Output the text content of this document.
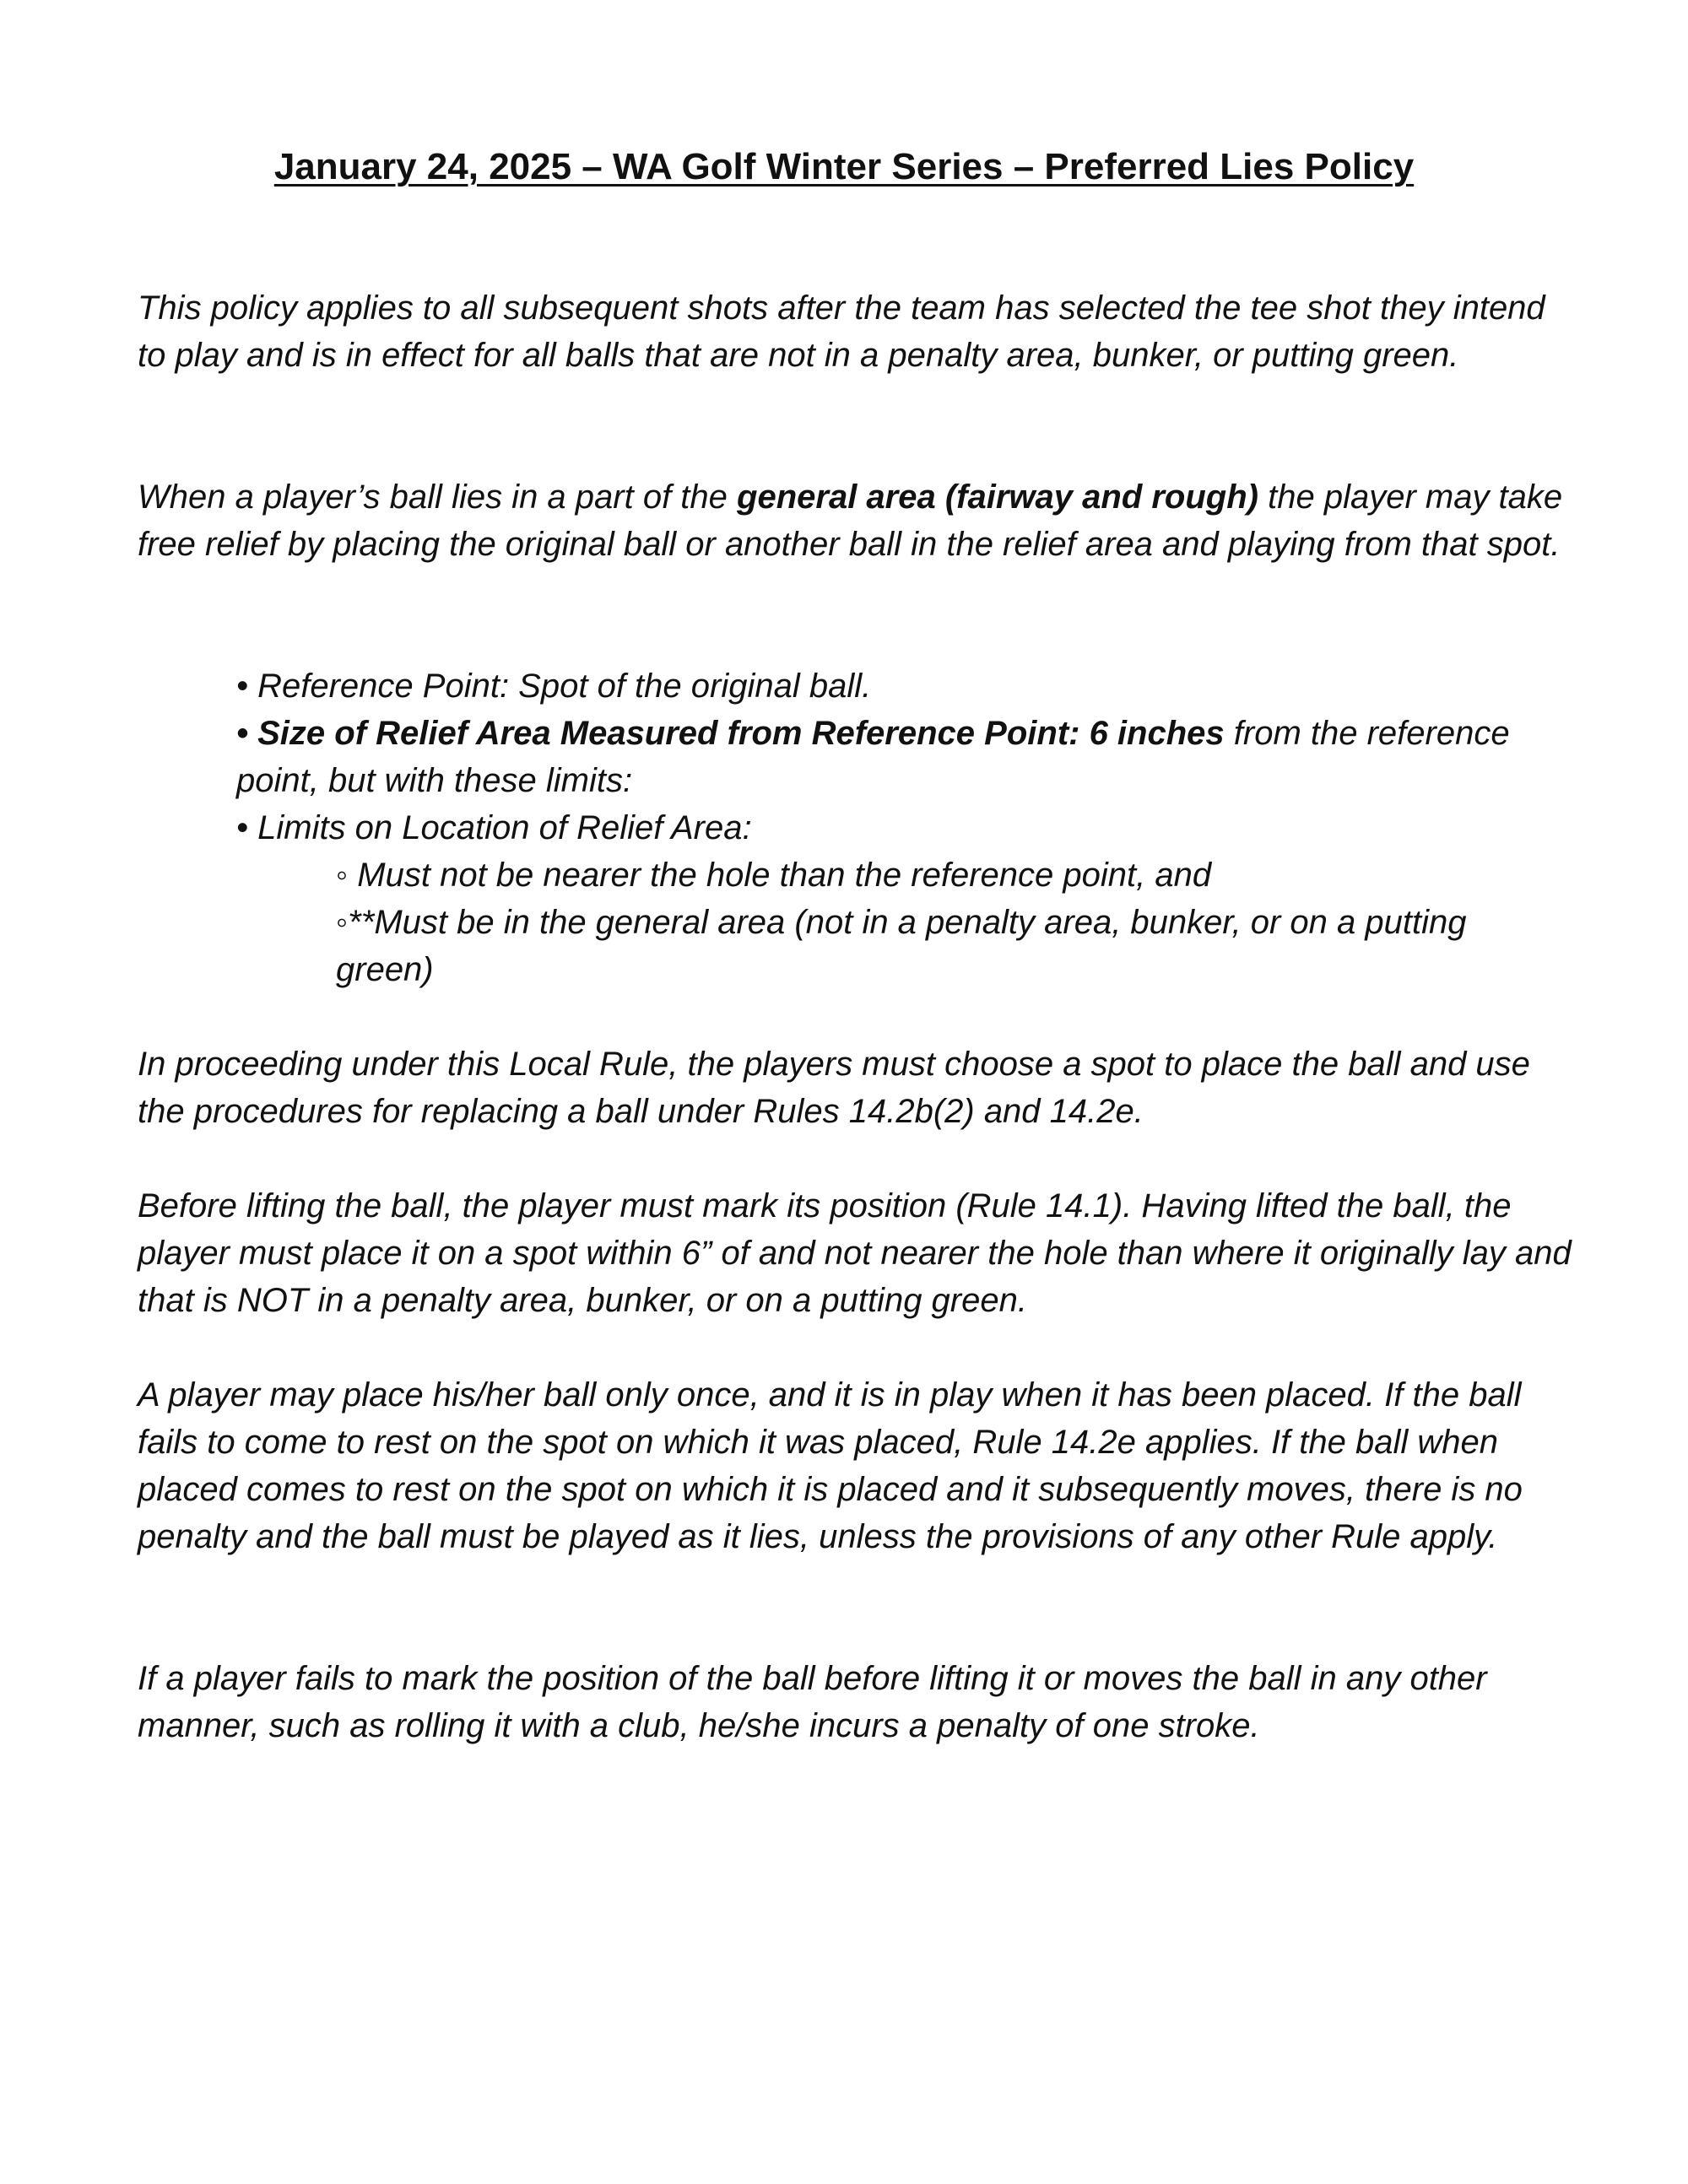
January 24, 2025 – WA Golf Winter Series – Preferred Lies Policy

This policy applies to all subsequent shots after the team has selected the tee shot they intend to play and is in effect for all balls that are not in a penalty area, bunker, or putting green.

When a player’s ball lies in a part of the general area (fairway and rough) the player may take free relief by placing the original ball or another ball in the relief area and playing from that spot.

• Reference Point: Spot of the original ball.
• Size of Relief Area Measured from Reference Point: 6 inches from the reference point, but with these limits:
• Limits on Location of Relief Area:
◦ Must not be nearer the hole than the reference point, and
◦**Must be in the general area (not in a penalty area, bunker, or on a putting green)

In proceeding under this Local Rule, the players must choose a spot to place the ball and use the procedures for replacing a ball under Rules 14.2b(2) and 14.2e.

Before lifting the ball, the player must mark its position (Rule 14.1). Having lifted the ball, the player must place it on a spot within 6” of and not nearer the hole than where it originally lay and that is NOT in a penalty area, bunker, or on a putting green.

A player may place his/her ball only once, and it is in play when it has been placed. If the ball fails to come to rest on the spot on which it was placed, Rule 14.2e applies. If the ball when placed comes to rest on the spot on which it is placed and it subsequently moves, there is no penalty and the ball must be played as it lies, unless the provisions of any other Rule apply.

If a player fails to mark the position of the ball before lifting it or moves the ball in any other manner, such as rolling it with a club, he/she incurs a penalty of one stroke.
